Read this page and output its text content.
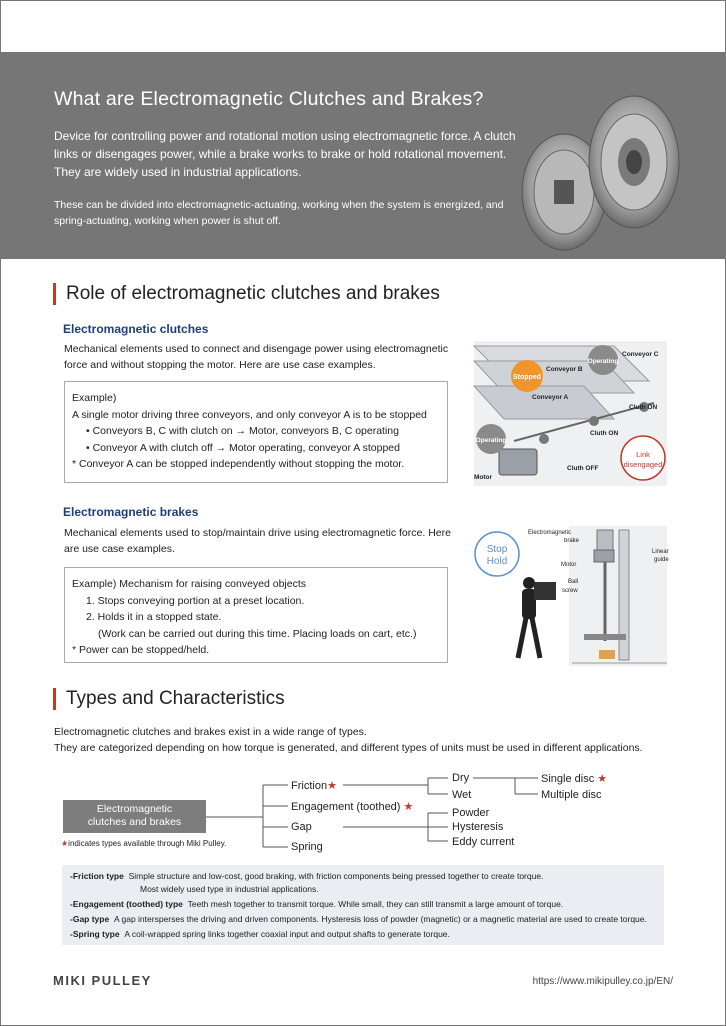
What are Electromagnetic Clutches and Brakes?
Device for controlling power and rotational motion using electromagnetic force. A clutch links or disengages power, while a brake works to brake or hold rotational movement. They are widely used in industrial applications.
These can be divided into electromagnetic-actuating, working when the system is energized, and spring-actuating, working when power is shut off.
Role of electromagnetic clutches and brakes
Electromagnetic clutches
Mechanical elements used to connect and disengage power using electromagnetic force and without stopping the motor. Here are use case examples.
Example)
A single motor driving three conveyors, and only conveyor A is to be stopped
• Conveyors B, C with clutch on → Motor, conveyors B, C operating
• Conveyor A with clutch off → Motor operating, conveyor A stopped
* Conveyor A can be stopped independently without stopping the motor.
Stopped
Operating
Operating
Conveyor A
Conveyor B
Conveyor C
Cluth ON
Cluth ON
Cluth OFF
Motor
Link
disengaged
Electromagnetic brakes
Mechanical elements used to stop/maintain drive using electromagnetic force. Here are use case examples.
Example) Mechanism for raising conveyed objects
1. Stops conveying portion at a preset location.
2. Holds it in a stopped state.
(Work can be carried out during this time. Placing loads on cart, etc.)
* Power can be stopped/held.
Stop
Hold
Electromagnetic
brake
Motor
Ball
screw
Linear
guide
Types and Characteristics
Electromagnetic clutches and brakes exist in a wide range of types.
They are categorized depending on how torque is generated, and different types of units must be used in different applications.
Electromagnetic
clutches and brakes
Friction★
Engagement (toothed) ★
Gap
Spring
Dry
Wet
Single disc ★
Multiple disc
Powder
Hysteresis
Eddy current
★indicates types available through Miki Pulley.
-Friction type Simple structure and low-cost, good braking, with friction components being pressed together to create torque.
Most widely used type in industrial applications.
-Engagement (toothed) type Teeth mesh together to transmit torque. While small, they can still transmit a large amount of torque.
-Gap type A gap intersperses the driving and driven components. Hysteresis loss of powder (magnetic) or a magnetic material are used to create torque.
-Spring type A coil-wrapped spring links together coaxial input and output shafts to generate torque.
MIKI PULLEY	https://www.mikipulley.co.jp/EN/
